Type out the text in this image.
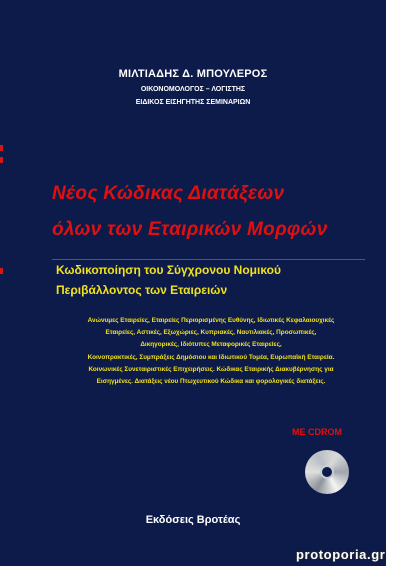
ΜΙΛΤΙΑΔΗΣ Δ. ΜΠΟΥΛΕΡΟΣ
ΟΙΚΟΝΟΜΟΛΟΓΟΣ – ΛΟΓΙΣΤΗΣ
ΕΙΔΙΚΟΣ ΕΙΣΗΓΗΤΗΣ ΣΕΜΙΝΑΡΙΩΝ
Νέος Κώδικας Διατάξεων
όλων των Εταιρικών Μορφών
Κωδικοποίηση του Σύγχρονου Νομικού
Περιβάλλοντος των Εταιρειών
Ανώνυμες Εταιρείες, Εταιρείες Περιορισμένης Ευθύνης, Ιδιωτικές Κεφαλαιουχικές
Εταιρείες, Αστικές, Εξωχώριες, Κυπριακές, Ναυτιλιακές, Προσωπικές,
Δικηγορικές, Ιδιότυπες Μεταφορικές Εταιρείες,
Κοινοπρακτικές, Συμπράξεις Δημόσιου και Ιδιωτικού Τομέα, Ευρωπαϊκή Εταιρεία.
Κοινωνικές Συνεταιριστικές Επιχειρήσεις. Κώδικας Εταιρικής Διακυβέρνησης για
Εισηγμένες. Διατάξεις νέου Πτωχευτικού Κώδικα και φορολογικές διατάξεις.
ΜΕ CDROM
Εκδόσεις Βροτέας
protoporia.gr
